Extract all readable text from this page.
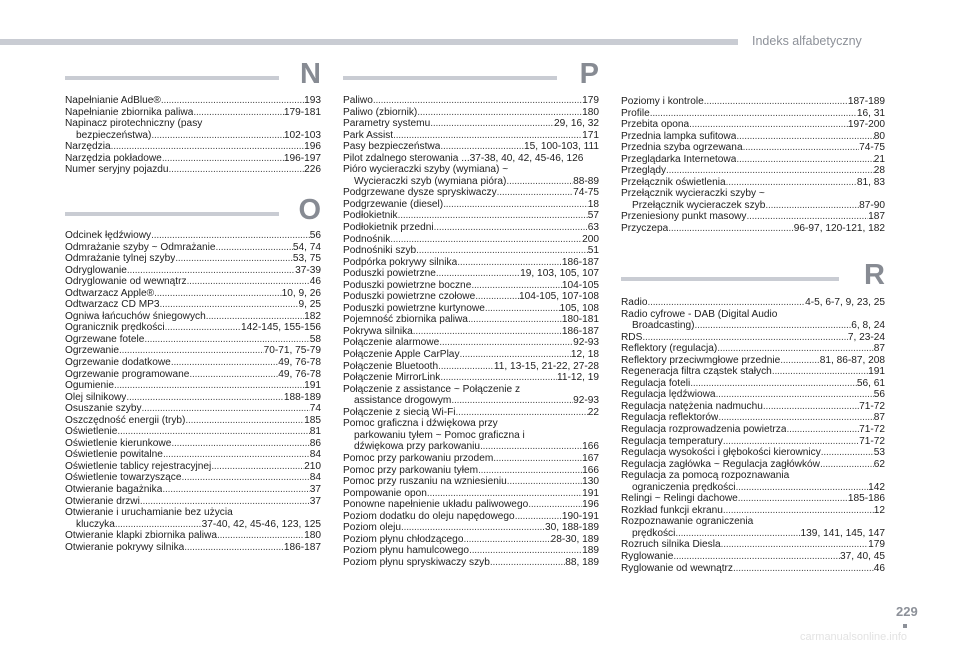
Indeks alfabetyczny
N
Napełnianie AdBlue® .....	193
Napełnianie zbiornika paliwa .....	179-181
Napinacz pirotechniczny (pasy
bezpieczeństwa) .....	102-103
Narzędzia .....	196
Narzędzia pokładowe .....	196-197
Numer seryjny pojazdu .....	226
O
Odcinek łędźwiowy .....	56
Odmrażanie szyby ~ Odmrażanie .....	54, 74
Odmrażanie tylnej szyby .....	53, 75
Odryglowanie .....	37-39
Odryglowanie od wewnątrz .....	46
Odtwarzacz Apple® .....	10, 9, 26
Odtwarzacz CD MP3 .....	9, 25
Ogniwa łańcuchów śniegowych .....	182
Ogranicznik prędkości .....	142-145, 155-156
Ogrzewane fotele .....	58
Ogrzewanie .....	70-71, 75-79
Ogrzewanie dodatkowe .....	49, 76-78
Ogrzewanie programowane .....	49, 76-78
Ogumienie .....	191
Olej silnikowy .....	188-189
Osuszanie szyby .....	74
Oszczędność energii (tryb) .....	185
Oświetlenie .....	81
Oświetlenie kierunkowe .....	86
Oświetlenie powitalne .....	84
Oświetlenie tablicy rejestracyjnej .....	210
Oświetlenie towarzyszące .....	84
Otwieranie bagażnika .....	37
Otwieranie drzwi .....	37
Otwieranie i uruchamianie bez użycia
kluczyka .....	37-40, 42, 45-46, 123, 125
Otwieranie klapki zbiornika paliwa .....	180
Otwieranie pokrywy silnika .....	186-187
P
Paliwo .....	179
Paliwo (zbiornik) .....	180
Parametry systemu .....	29, 16, 32
Park Assist .....	171
Pasy bezpieczeństwa .....	15, 100-103, 111
Pilot zdalnego sterowania ...37-38, 40, 42, 45-46, 126
Pióro wycieraczki szyby (wymiana) ~
Wycieraczki szyb (wymiana pióra) .....	88-89
Podgrzewane dysze spryskiwaczy .....	74-75
Podgrzewanie (diesel) .....	18
Podłokietnik .....	57
Podłokietnik przedni .....	63
Podnośnik .....	200
Podnośniki szyb .....	51
Podpórka pokrywy silnika .....	186-187
Poduszki powietrzne .....	19, 103, 105, 107
Poduszki powietrzne boczne .....	104-105
Poduszki powietrzne czołowe .....	104-105, 107-108
Poduszki powietrzne kurtynowe .....	105, 108
Pojemność zbiornika paliwa .....	180-181
Pokrywa silnika .....	186-187
Połączenie alarmowe .....	92-93
Połączenie Apple CarPlay .....	12, 18
Połączenie Bluetooth .....	11, 13-15, 21-22, 27-28
Połączenie MirrorLink .....	11-12, 19
Połączenie z assistance ~ Połączenie z
assistance drogowym .....	92-93
Połączenie z siecią Wi-Fi .....	22
Pomoc graficzna i dźwiękowa przy
parkowaniu tyłem ~ Pomoc graficzna i
dźwiękowa przy parkowaniu .....	166
Pomoc przy parkowaniu przodem .....	167
Pomoc przy parkowaniu tyłem .....	166
Pomoc przy ruszaniu na wzniesieniu .....	130
Pompowanie opon .....	191
Ponowne napełnienie układu paliwowego .....	196
Poziom dodatku do oleju napędowego .....	190-191
Poziom oleju .....	30, 188-189
Poziom płynu chłodzącego .....	28-30, 189
Poziom płynu hamulcowego .....	189
Poziom płynu spryskiwaczy szyb .....	88, 189
Poziomy i kontrole .....	187-189
Profile .....	16, 31
Przebita opona .....	197-200
Przednia lampka sufitowa .....	80
Przednia szyba ogrzewana .....	74-75
Przeglądarka Internetowa .....	21
Przeglądy .....	28
Przełącznik oświetlenia .....	81, 83
Przełącznik wycieraczki szyby ~
Przełącznik wycieraczek szyb .....	87-90
Przeniesiony punkt masowy .....	187
Przyczepa .....	96-97, 120-121, 182
R
Radio .....	4-5, 6-7, 9, 23, 25
Radio cyfrowe - DAB (Digital Audio
Broadcasting) .....	6, 8, 24
RDS .....	7, 23-24
Reflektory (regulacja) .....	87
Reflektory przeciwmgłowe przednie .....	81, 86-87, 208
Regeneracja filtra cząstek stałych .....	191
Regulacja foteli .....	56, 61
Regulacja lędźwiowa .....	56
Regulacja natężenia nadmuchu .....	71-72
Regulacja reflektorów .....	87
Regulacja rozprowadzenia powietrza .....	71-72
Regulacja temperatury .....	71-72
Regulacja wysokości i głębokości kierownicy .....	53
Regulacja zagłówka ~ Regulacja zagłówków .....	62
Regulacja za pomocą rozpoznawania
ograniczenia prędkości .....	142
Relingi ~ Relingi dachowe .....	185-186
Rozkład funkcji ekranu .....	12
Rozpoznawanie ograniczenia
prędkości .....	139, 141, 145, 147
Rozruch silnika Diesla .....	179
Ryglowanie .....	37, 40, 45
Ryglowanie od wewnątrz .....	46
229
carmanualsonline.info
